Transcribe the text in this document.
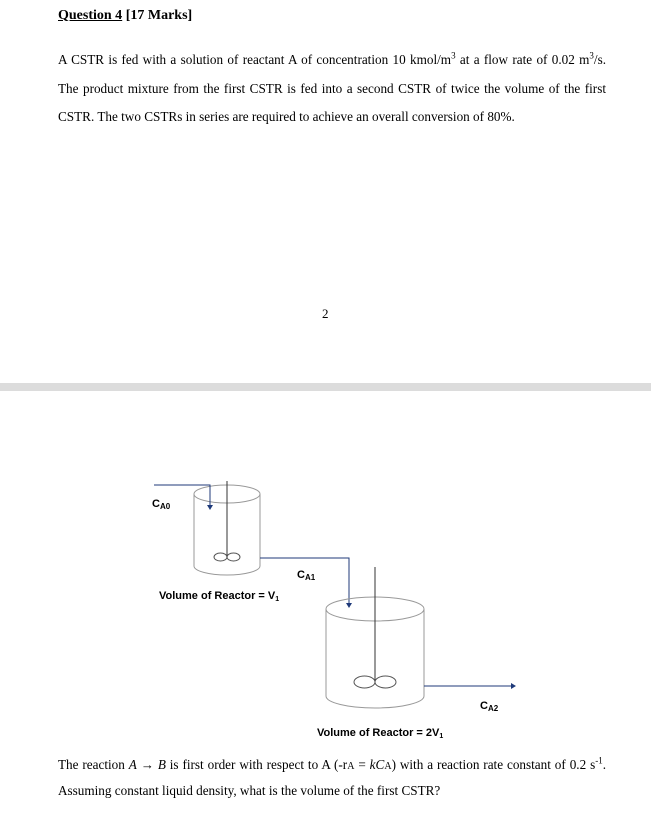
Question 4 [17 Marks]
A CSTR is fed with a solution of reactant A of concentration 10 kmol/$m^3$ at a flow rate of 0.02 $m^3/s$. The product mixture from the first CSTR is fed into a second CSTR of twice the volume of the first CSTR. The two CSTRs in series are required to achieve an overall conversion of 80%.
2
CA0
CA1
CA2
Volume of Reactor = V1
Volume of Reactor = 2V1
The reaction A → B is first order with respect to A (-rA = kCA) with a reaction rate constant of 0.2 $s^{-1}$. Assuming constant liquid density, what is the volume of the first CSTR?
